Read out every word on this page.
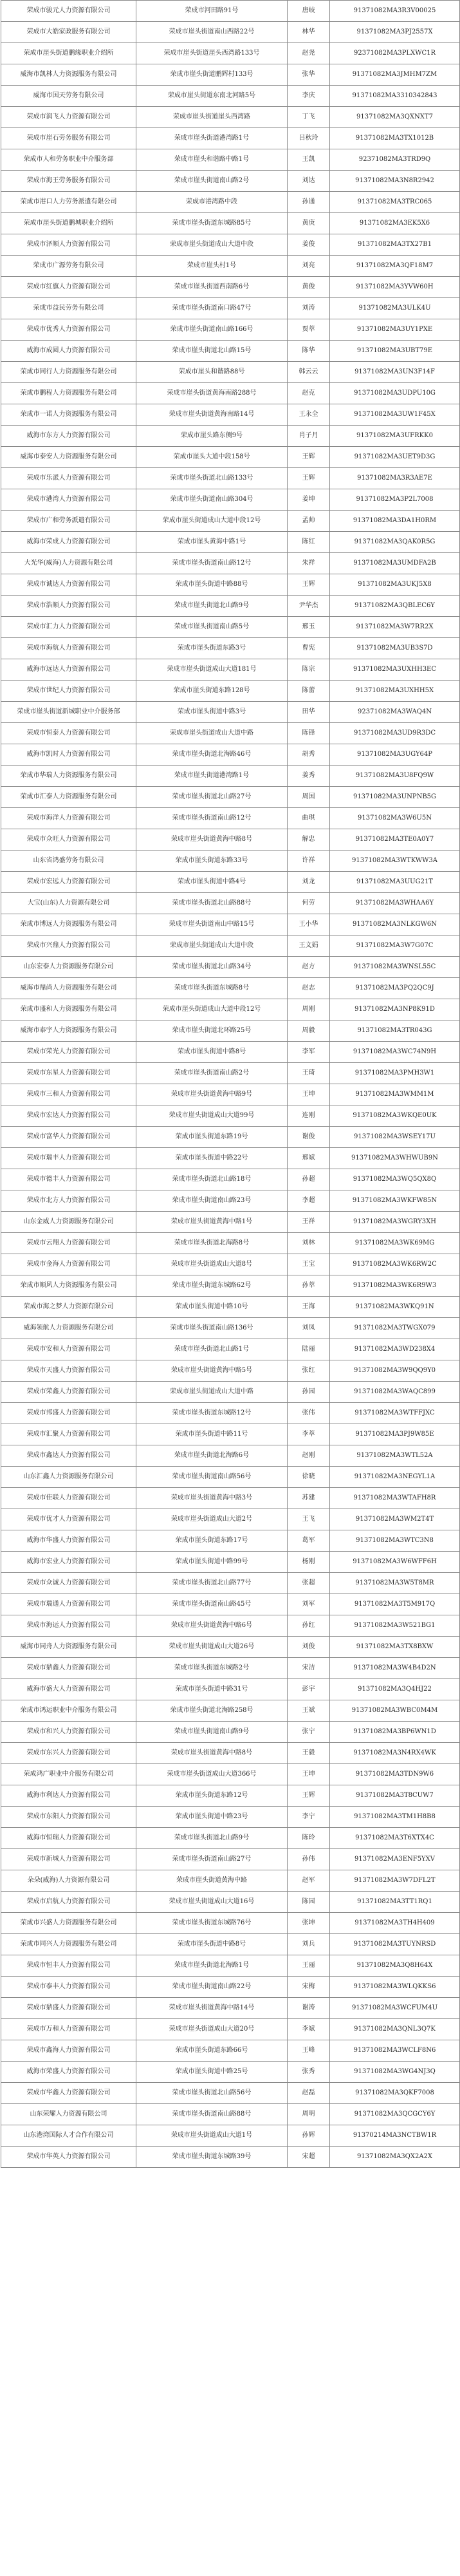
荣成市骏元人力资源有限公司	荣成市河田路91号	唐岐	91371082MA3R3V00025
荣成市大皓家政服务有限公司	荣成市崖头街道南山西路22号	林华	91371082MA3PJ2557X
荣成市崖头街道鹏缘职业介绍所	荣成市崖头街道崖头西湾路133号	赵尧	92371082MA3PLXWC1R
威海市凯林人力资源服务有限公司	荣成市崖头街道鹏辉村133号	张华	91371082MA3JMHM7ZM
威海市国天劳务有限公司	荣成市崖头街道东南北河路5号	李庆	91371082MA3310342843
荣成市润飞人力资源有限公司	荣成市崖头街道崖头西湾路	丁飞	91371082MA3QXNXT7
荣成市崖石劳务服务有限公司	荣成市崖头街道港湾路1号	吕秋玲	91371082MA3TX1012B
荣成市人和劳务职业中介服务部	荣成市崖头和谐路中路1号	王凯	92371082MA3TRD9Q
荣成市海王劳务服务有限公司	荣成市崖头街道南山路2号	刘达	91371082MA3N8R2942
荣成市港口人力劳务派遣有限公司	荣成市港湾路中段	孙通	91371082MA3TRC065
荣成市崖头街道鹏城职业介绍所	荣成市崖头街道东城路85号	黄庚	91371082MA3EK5X6
荣成市泽顺人力资源有限公司	荣成市崖头街道成山大道中段	姜俊	91371082MA3TX27B1
荣成市广源劳务有限公司	荣成市崖头村1号	刘亮	91371082MA3QF18M7
荣成市红旗人力资源有限公司	荣成市崖头街道西南路6号	黄俊	91371082MA3YVW60H
荣成市益民劳务有限公司	荣成市崖头街道南口路47号	刘涛	91371082MA3ULK4U
荣成市优秀人力资源有限公司	荣成市崖头街道南山路166号	贾萃	91371082MA3UY1PXE
威海市成圆人力资源有限公司	荣成市崖头街道北山路15号	陈华	91371082MA3UBT79E
荣成市同行人力资源服务有限公司	荣成市崖头和谐路88号	韩云云	91371082MA3UN3F14F
荣成市鹏程人力资源服务有限公司	荣成市崖头街道黄海南路288号	赵克	91371082MA3UDPU10G
荣成市一诺人力资源服务有限公司	荣成市崖头街道黄海南路14号	王永全	91371082MA3UW1F45X
威海市东方人力资源有限公司	荣成市崖头路东侧9号	肖子月	91371082MA3UFRKK0
威海市泰安人力资源服务有限公司	荣成市崖头大道中段158号	王辉	91371082MA3UET9D3G
荣成市乐派人力资源有限公司	荣成市崖头街道北山路133号	王辉	91371082MA3R3AE7E
荣成市港湾人力资源有限公司	荣成市崖头街道南山路304号	姜坤	91371082MA3P2L7008
荣成市广和劳务派遣有限公司	荣成市崖头街道成山大道中段12号	孟帅	91371082MA3DA1H0RM
威海市荣成人力资源有限公司	荣成市崖头黄海中路1号	陈红	91371082MA3QAK0R5G
大光华(威海)人力资源有限公司	荣成市崖头街道南山路12号	朱祥	91371082MA3UMDFA2B
荣成市诚达人力资源有限公司	荣成市崖头街道中路88号	王辉	91371082MA3UKJ5X8
荣成市浩顺人力资源有限公司	荣成市崖头街道北山路9号	尹华杰	91371082MA3QBLEC6Y
荣成市汇力人力资源有限公司	荣成市崖头街道南山路5号	邢玉	91371082MA3W7RR2X
荣成市海航人力资源有限公司	荣成市崖头街道东路3号	曹宪	91371082MA3UB3S7D
威海市远达人力资源有限公司	荣成市崖头街道成山大道181号	陈宗	91371082MA3UXHH3EC
荣成市世纪人力资源有限公司	荣成市崖头街道东路128号	陈蕾	91371082MA3UXHH5X
荣成市崖头街道新城职业中介服务部	荣成市崖头街道中路3号	田华	92371082MA3WAQ4N
荣成市恒泰人力资源有限公司	荣成市崖头街道成山大道中路	陈锋	91371082MA3UD9R3DC
威海市凯时人力资源有限公司	荣成市崖头街道北海路46号	胡秀	91371082MA3UGY64P
荣成市华瑞人力资源服务有限公司	荣成市崖头街道港湾路1号	姜秀	91371082MA3U8FQ9W
荣成市汇泰人力资源服务有限公司	荣成市崖头街道北山路27号	周国	91371082MA3UNPNB5G
荣成市海洋人力资源有限公司	荣成市崖头街道南山路12号	曲琪	91371082MA3W6U5N
荣成市众旺人力资源有限公司	荣成市崖头街道黄海中路8号	解忠	91371082MA3TE0A0Y7
山东省鸿盛劳务有限公司	荣成市崖头街道东路33号	许祥	91371082MA3WTKWW3A
荣成市宏远人力资源有限公司	荣成市崖头街道中路4号	刘龙	91371082MA3UUG21T
大宝(山东)人力资源有限公司	荣成市崖头街道北山路88号	何劳	91371082MA3WHAA6Y
荣成市博远人力资源服务有限公司	荣成市崖头街道南山中路15号	王小华	91371082MA3NLKGW6N
荣成市兴鼎人力资源有限公司	荣成市崖头街道成山大道中段	王文娟	91371082MA3W7G07C
山东宏泰人力资源服务有限公司	荣成市崖头街道北山路34号	赵方	91371082MA3WNSL55C
威海市鼎尚人力资源服务有限公司	荣成市崖头街道东城路8号	赵志	91371082MA3PQ2QC9J
荣成市盛和人力资源服务有限公司	荣成市崖头街道成山大道中段12号	周刚	91371082MA3NP8K91D
威海市泰宇人力资源服务有限公司	荣成市崖头街道北环路25号	周毅	91371082MA3TR043G
荣成市荣光人力资源有限公司	荣成市崖头街道中路8号	李军	91371082MA3WC74N9H
荣成市东星人力资源有限公司	荣成市崖头街道南山路2号	王琦	91371082MA3PMH3W1
荣成市三和人力资源有限公司	荣成市崖头街道黄海中路9号	王坤	91371082MA3WMM1M
荣成市宏达人力资源有限公司	荣成市崖头街道成山大道99号	连刚	91371082MA3WKQE0UK
荣成市富华人力资源有限公司	荣成市崖头街道东路19号	谢俊	91371082MA3WSEY17U
荣成市瑞丰人力资源有限公司	荣成市崖头街道中路22号	邢斌	91371082MA3WHWUB9N
荣成市德丰人力资源有限公司	荣成市崖头街道北山路18号	孙超	91371082MA3WQ5QX8Q
荣成市北方人力资源有限公司	荣成市崖头街道南山路23号	李超	91371082MA3WKFW85N
山东金威人力资源服务有限公司	荣成市崖头街道黄海中路1号	王祥	91371082MA3WGRY3XH
荣成市云翔人力资源有限公司	荣成市崖头街道北海路8号	刘林	91371082MA3WK69MG
荣成市金海人力资源有限公司	荣成市崖头街道成山大道8号	王宝	91371082MA3WK6RW2C
荣成市顺风人力资源服务有限公司	荣成市崖头街道东城路62号	孙萃	91371082MA3WK6R9W3
荣成市海之梦人力资源有限公司	荣成市崖头街道中路10号	王海	91371082MA3WKQ91N
威海领航人力资源服务有限公司	荣成市崖头街道南山路136号	刘凤	91371082MA3TWGX079
荣成市安和人力资源有限公司	荣成市崖头街道北山路1号	陆丽	91371082MA3WD238X4
荣成市天盛人力资源有限公司	荣成市崖头街道黄海中路5号	张红	91371082MA3W9QQ9Y0
荣成市荣鑫人力资源有限公司	荣成市崖头街道成山大道中路	孙园	91371082MA3WAQC899
荣成市邦盛人力资源有限公司	荣成市崖头街道东城路12号	张伟	91371082MA3WTFFJXC
荣成市汇聚人力资源有限公司	荣成市崖头街道中路11号	李萃	91371082MA3PJ9W85E
荣成市鑫达人力资源有限公司	荣成市崖头街道北海路6号	赵刚	91371082MA3WTL52A
山东汇鑫人力资源服务有限公司	荣成市崖头街道南山路56号	徐晓	91371082MA3NEGYL1A
荣成市佳联人力资源有限公司	荣成市崖头街道黄海中路3号	苏建	91371082MA3WTAFH8R
荣成市优才人力资源有限公司	荣成市崖头街道成山大道2号	王飞	91371082MA3WM2T4T
威海市华盛人力资源有限公司	荣成市崖头街道东路17号	葛军	91371082MA3WTC3N8
威海市宏业人力资源有限公司	荣成市崖头街道中路99号	杨刚	91371082MA3W6WFF6H
荣成市众诚人力资源有限公司	荣成市崖头街道北山路77号	张超	91371082MA3W5T8MR
荣成市瑞通人力资源有限公司	荣成市崖头街道南山路45号	刘军	91371082MA3T5M917Q
荣成市海运人力资源有限公司	荣成市崖头街道黄海中路6号	孙红	91371082MA3W521BG1
威海市同舟人力资源服务有限公司	荣成市崖头街道成山大道26号	刘俊	91371082MA3TX8BXW
荣成市鼎鑫人力资源有限公司	荣成市崖头街道东城路2号	宋洁	91371082MA3W4B4D2N
威海市盛大人力资源有限公司	荣成市崖头街道中路31号	彭宇	91371082MA3Q4HJ22
荣成市鸿运职业中介服务有限公司	荣成市崖头街道北海路258号	王斌	91371082MA3WBC0M4M
荣成市和兴人力资源有限公司	荣成市崖头街道南山路9号	张宁	91371082MA3BP6WN1D
荣成市东兴人力资源有限公司	荣成市崖头街道黄海中路8号	王毅	91371082MA3N4RX4WK
荣成鸿广职业中介服务有限公司	荣成市崖头街道成山大道366号	王坤	91371082MA3TDN9W6
威海市利达人力资源有限公司	荣成市崖头街道东路12号	王辉	91371082MA3T8CUW7
荣成市东阳人力资源有限公司	荣成市崖头街道中路23号	李宁	91371082MA3TM1H8B8
威海市恒瑞人力资源有限公司	荣成市崖头街道北山路9号	陈玲	91371082MA3T6XTX4C
荣成市新城人力资源有限公司	荣成市崖头街道南山路27号	孙伟	91371082MA3ENF5YXV
朵朵(威海)人力资源有限公司	荣成市崖头街道黄海中路	赵军	91371082MA3W7DFL2T
荣成市启航人力资源有限公司	荣成市崖头街道成山大道16号	陈园	91371082MA3TT1RQ1
荣成市兴盛人力资源服务有限公司	荣成市崖头街道东城路76号	张坤	91371082MA3TH4H409
荣成市同兴人力资源服务有限公司	荣成市崖头街道中路8号	刘兵	91371082MA3TUYNRSD
荣成市恒丰人力资源有限公司	荣成市崖头街道北海路1号	王丽	91371082MA3Q8H64X
荣成市泰丰人力资源有限公司	荣成市崖头街道南山路22号	宋梅	91371082MA3WLQKKS6
荣成市鼎盛人力资源有限公司	荣成市崖头街道黄海中路14号	谢涛	91371082MA3WCFUM4U
荣成市万和人力资源有限公司	荣成市崖头街道成山大道20号	李斌	91371082MA3QNL3Q7K
荣成市鑫海人力资源有限公司	荣成市崖头街道东路66号	王峰	91371082MA3WCLF8N6
威海市荣盛人力资源有限公司	荣成市崖头街道中路25号	张秀	91371082MA3WG4NJ3Q
荣成市华鑫人力资源有限公司	荣成市崖头街道北山路56号	赵磊	91371082MA3QKF7008
山东荣耀人力资源有限公司	荣成市崖头街道南山路88号	周明	91371082MA3QCGCY6Y
山东港湾国际人才合作有限公司	荣成市崖头街道成山大道1号	孙辉	91370214MA3NCTBW1R
荣成市华英人力资源有限公司	荣成市崖头街道东城路39号	宋超	91371082MA3QX2A2X
